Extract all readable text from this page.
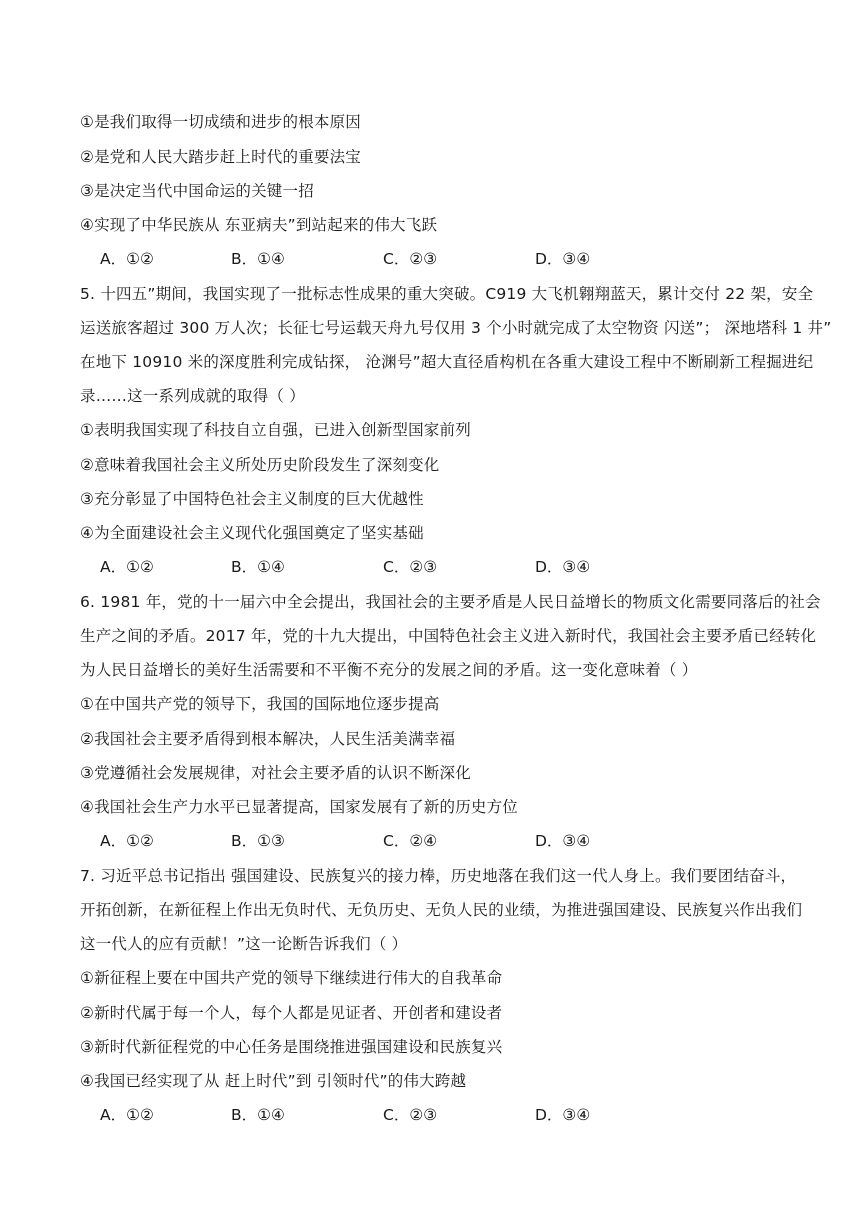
①是我们取得一切成绩和进步的根本原因
②是党和人民大踏步赶上时代的重要法宝
③是决定当代中国命运的关键一招
④实现了中华民族从 东亚病夫”到站起来的伟大飞跃
A．①②	B．①④	C．②③	D．③④
5. 十四五”期间，我国实现了一批标志性成果的重大突破。C919 大飞机翱翔蓝天，累计交付 22 架，安全
运送旅客超过 300 万人次；长征七号运载天舟九号仅用 3 个小时就完成了太空物资 闪送”； 深地塔科 1 井”
在地下 10910 米的深度胜利完成钻探， 沧渊号”超大直径盾构机在各重大建设工程中不断刷新工程掘进纪
录……这一系列成就的取得（ ）
①表明我国实现了科技自立自强，已进入创新型国家前列
②意味着我国社会主义所处历史阶段发生了深刻变化
③充分彰显了中国特色社会主义制度的巨大优越性
④为全面建设社会主义现代化强国奠定了坚实基础
A．①②	B．①④	C．②③	D．③④
6. 1981 年，党的十一届六中全会提出，我国社会的主要矛盾是人民日益增长的物质文化需要同落后的社会
生产之间的矛盾。2017 年，党的十九大提出，中国特色社会主义进入新时代，我国社会主要矛盾已经转化
为人民日益增长的美好生活需要和不平衡不充分的发展之间的矛盾。这一变化意味着（ ）
①在中国共产党的领导下，我国的国际地位逐步提高
②我国社会主要矛盾得到根本解决，人民生活美满幸福
③党遵循社会发展规律，对社会主要矛盾的认识不断深化
④我国社会生产力水平已显著提高，国家发展有了新的历史方位
A．①②	B．①③	C．②④	D．③④
7. 习近平总书记指出 强国建设、民族复兴的接力棒，历史地落在我们这一代人身上。我们要团结奋斗，
开拓创新，在新征程上作出无负时代、无负历史、无负人民的业绩，为推进强国建设、民族复兴作出我们
这一代人的应有贡献！”这一论断告诉我们（ ）
①新征程上要在中国共产党的领导下继续进行伟大的自我革命
②新时代属于每一个人，每个人都是见证者、开创者和建设者
③新时代新征程党的中心任务是围绕推进强国建设和民族复兴
④我国已经实现了从 赶上时代”到 引领时代”的伟大跨越
A．①②	B．①④	C．②③	D．③④
